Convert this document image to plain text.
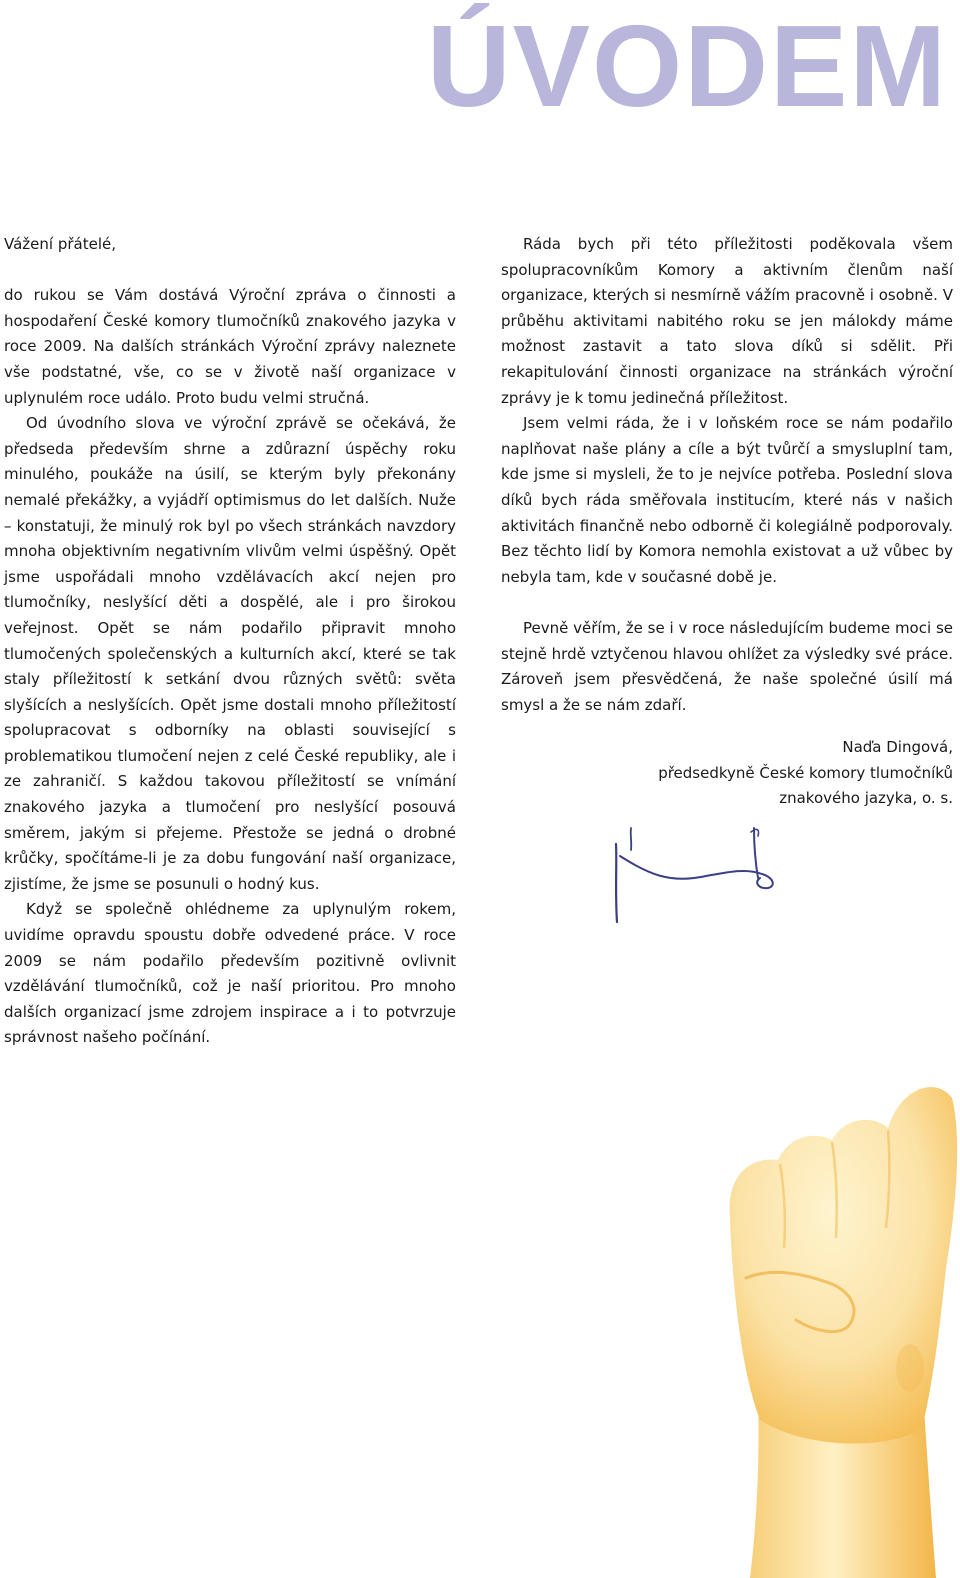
ÚVODEM

Vážení přátelé,

do rukou se Vám dostává Výroční zpráva o činnosti a hospodaření České komory tlumočníků znakového jazyka v roce 2009. Na dalších stránkách Výroční zprávy naleznete vše podstatné, vše, co se v životě naší organizace v uplynulém roce událo. Proto budu velmi stručná.

Od úvodního slova ve výroční zprávě se očekává, že předseda především shrne a zdůrazní úspěchy roku minulého, poukáže na úsilí, se kterým byly překonány nemalé překážky, a vyjádří optimismus do let dalších. Nuže – konstatuji, že minulý rok byl po všech stránkách navzdory mnoha objektivním negativním vlivům velmi úspěšný. Opět jsme uspořádali mnoho vzdělávacích akcí nejen pro tlumočníky, neslyšící děti a dospělé, ale i pro širokou veřejnost. Opět se nám podařilo připravit mnoho tlumočených společenských a kulturních akcí, které se tak staly příležitostí k setkání dvou různých světů: světa slyšících a neslyšících. Opět jsme dostali mnoho příležitostí spolupracovat s odborníky na oblasti související s problematikou tlumočení nejen z celé České republiky, ale i ze zahraničí. S každou takovou příležitostí se vnímání znakového jazyka a tlumočení pro neslyšící posouvá směrem, jakým si přejeme. Přestože se jedná o drobné krůčky, spočítáme-li je za dobu fungování naší organizace, zjistíme, že jsme se posunuli o hodný kus.

Když se společně ohlédneme za uplynulým rokem, uvidíme opravdu spoustu dobře odvedené práce. V roce 2009 se nám podařilo především pozitivně ovlivnit vzdělávání tlumočníků, což je naší prioritou. Pro mnoho dalších organizací jsme zdrojem inspirace a i to potvrzuje správnost našeho počínání.

Ráda bych při této příležitosti poděkovala všem spolupracovníkům Komory a aktivním členům naší organizace, kterých si nesmírně vážím pracovně i osobně. V průběhu aktivitami nabitého roku se jen málokdy máme možnost zastavit a tato slova díků si sdělit. Při rekapitulování činnosti organizace na stránkách výroční zprávy je k tomu jedinečná příležitost.

Jsem velmi ráda, že i v loňském roce se nám podařilo naplňovat naše plány a cíle a být tvůrčí a smysluplní tam, kde jsme si mysleli, že to je nejvíce potřeba. Poslední slova díků bych ráda směřovala institucím, které nás v našich aktivitách finančně nebo odborně či kolegiálně podporovaly. Bez těchto lidí by Komora nemohla existovat a už vůbec by nebyla tam, kde v současné době je.

Pevně věřím, že se i v roce následujícím budeme moci se stejně hrdě vztyčenou hlavou ohlížet za výsledky své práce. Zároveň jsem přesvědčená, že naše společné úsilí má smysl a že se nám zdaří.

Naďa Dingová,
předsedkyně České komory tlumočníků
znakového jazyka, o. s.
